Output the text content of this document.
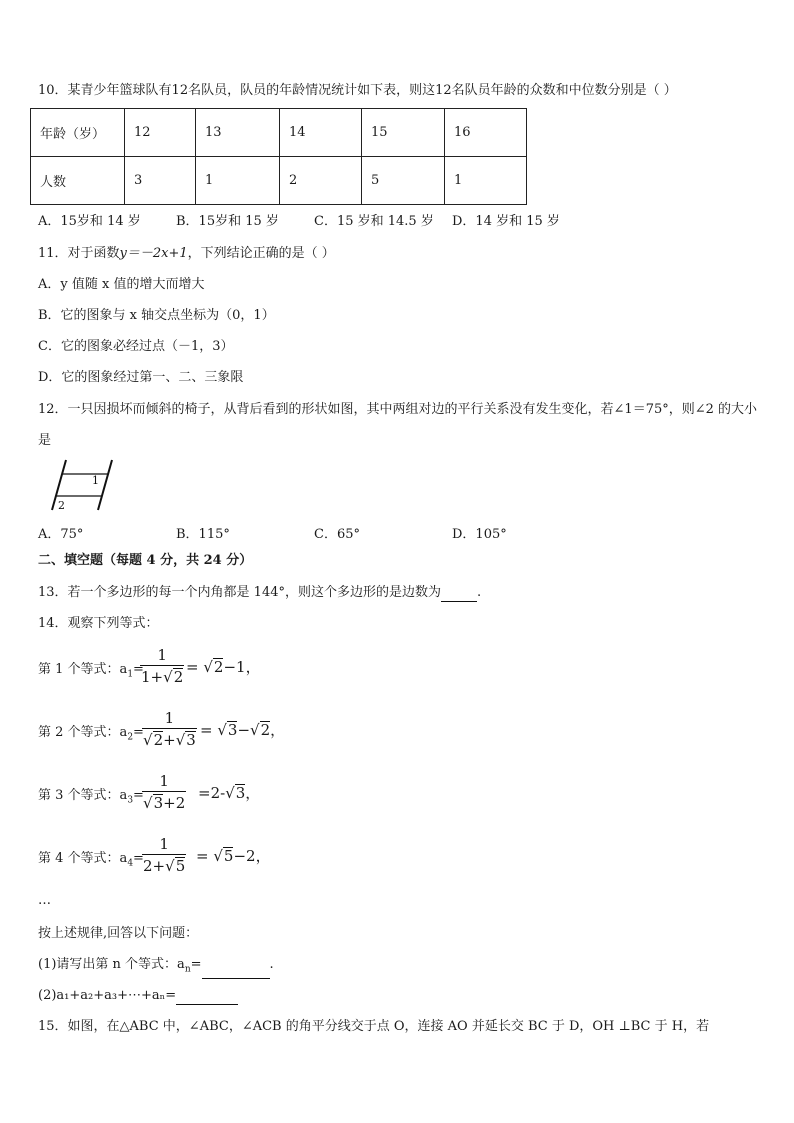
10．某青少年篮球队有12名队员，队员的年龄情况统计如下表，则这12名队员年龄的众数和中位数分别是（ ）
年龄（岁）	12	13	14	15	16
人数	3	1	2	5	1
A．15岁和 14 岁	B．15岁和 15 岁	C．15 岁和 14.5 岁 D．14 岁和 15 岁
11．对于函数y＝－2x+1，下列结论正确的是（ ）
A．y 值随 x 值的增大而增大
B．它的图象与 x 轴交点坐标为（0，1）
C．它的图象必经过点（－1，3）
D．它的图象经过第一、二、三象限
12．一只因损坏而倾斜的椅子，从背后看到的形状如图，其中两组对边的平行关系没有发生变化，若∠1＝75°，则∠2 的大小
是
1
2
A．75°	B．115°	C．65°	D．105°
二、填空题（每题 4 分，共 24 分）
13．若一个多边形的每一个内角都是 144°，则这个多边形的是边数为	.
14．观察下列等式：
第 1 个等式：$a_1=$
$\frac{1}{1+√2} = √2-1$，
第 2 个等式：$a_2=$
$\frac{1}{√2+√3} = √3-√2$，
第 3 个等式：$a_3=$
$\frac{1}{√3+2} =2-√3$，
第 4 个等式：$a_4=$
$\frac{1}{2+√5} = √5-2$，
…
按上述规律,回答以下问题：
(1)请写出第 n 个等式：$a_n=$	.
(2)a₁+a₂+a₃+⋯+aₙ=
15．如图，在△ABC 中，∠ABC，∠ACB 的角平分线交于点 O，连接 AO 并延长交 BC 于 D，OH ⊥BC 于 H，若
